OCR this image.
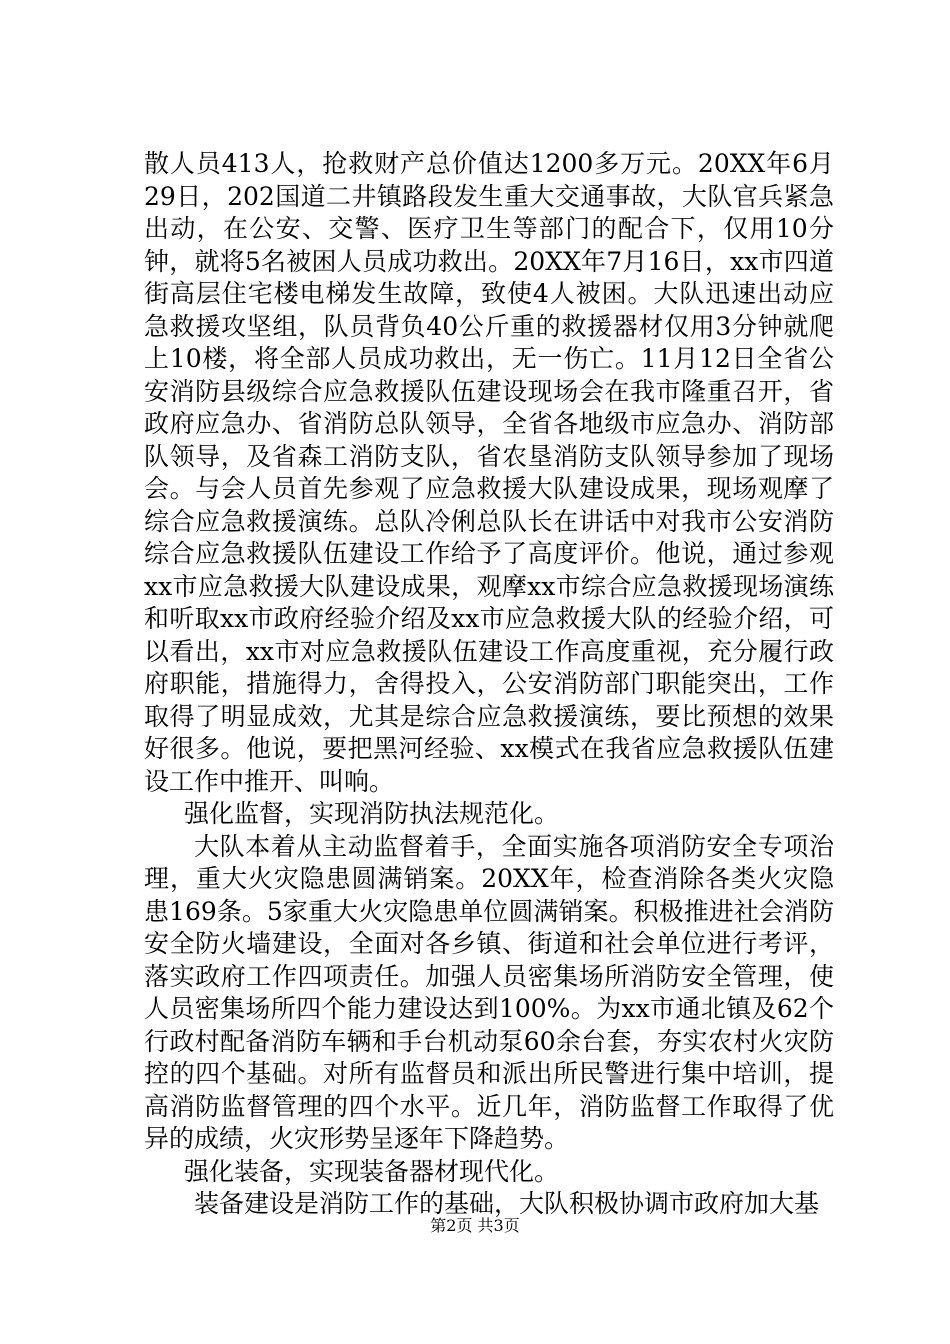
散人员413人，抢救财产总价值达1200多万元。20XX年6月29日，202国道二井镇路段发生重大交通事故，大队官兵紧急出动，在公安、交警、医疗卫生等部门的配合下，仅用10分钟，就将5名被困人员成功救出。20XX年7月16日，xx市四道街高层住宅楼电梯发生故障，致使4人被困。大队迅速出动应急救援攻坚组，队员背负40公斤重的救援器材仅用3分钟就爬上10楼，将全部人员成功救出，无一伤亡。11月12日全省公安消防县级综合应急救援队伍建设现场会在我市隆重召开，省政府应急办、省消防总队领导，全省各地级市应急办、消防部队领导，及省森工消防支队，省农垦消防支队领导参加了现场会。与会人员首先参观了应急救援大队建设成果，现场观摩了综合应急救援演练。总队冷俐总队长在讲话中对我市公安消防综合应急救援队伍建设工作给予了高度评价。他说，通过参观xx市应急救援大队建设成果，观摩xx市综合应急救援现场演练和听取xx市政府经验介绍及xx市应急救援大队的经验介绍，可以看出，xx市对应急救援队伍建设工作高度重视，充分履行政府职能，措施得力，舍得投入，公安消防部门职能突出，工作取得了明显成效，尤其是综合应急救援演练，要比预想的效果好很多。他说，要把黑河经验、xx模式在我省应急救援队伍建设工作中推开、叫响。

强化监督，实现消防执法规范化。

大队本着从主动监督着手，全面实施各项消防安全专项治理，重大火灾隐患圆满销案。20XX年，检查消除各类火灾隐患169条。5家重大火灾隐患单位圆满销案。积极推进社会消防安全防火墙建设，全面对各乡镇、街道和社会单位进行考评，落实政府工作四项责任。加强人员密集场所消防安全管理，使人员密集场所四个能力建设达到100%。为xx市通北镇及62个行政村配备消防车辆和手台机动泵60余台套，夯实农村火灾防控的四个基础。对所有监督员和派出所民警进行集中培训，提高消防监督管理的四个水平。近几年，消防监督工作取得了优异的成绩，火灾形势呈逐年下降趋势。

强化装备，实现装备器材现代化。

装备建设是消防工作的基础，大队积极协调市政府加大基

第2页 共3页
